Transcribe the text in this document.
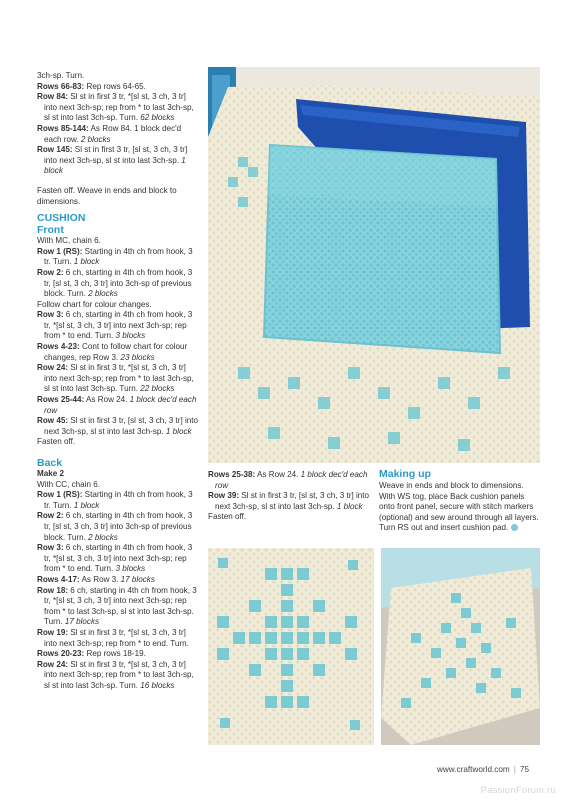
3ch-sp. Turn.
Rows 66-83: Rep rows 64-65.
Row 84: Sl st in first 3 tr, *[sl st, 3 ch, 3 tr] into next 3ch-sp; rep from * to last 3ch-sp, sl st into last 3ch-sp. Turn. 62 blocks
Rows 85-144: As Row 84. 1 block dec'd each row. 2 blocks
Row 145: Sl st in first 3 tr, [sl st, 3 ch, 3 tr] into next 3ch-sp, sl st into last 3ch-sp. 1 block
Fasten off. Weave in ends and block to dimensions.
CUSHION
Front
With MC, chain 6.
Row 1 (RS): Starting in 4th ch from hook, 3 tr. Turn. 1 block
Row 2: 6 ch, starting in 4th ch from hook, 3 tr, [sl st, 3 ch, 3 tr] into 3ch-sp of previous block. Turn. 2 blocks
Follow chart for colour changes.
Row 3: 6 ch, starting in 4th ch from hook, 3 tr, *[sl st, 3 ch, 3 tr] into next 3ch-sp; rep from * to end. Turn. 3 blocks
Rows 4-23: Cont to follow chart for colour changes, rep Row 3. 23 blocks
Row 24: Sl st in first 3 tr, *[sl st, 3 ch, 3 tr] into next 3ch-sp; rep from * to last 3ch-sp, sl st into last 3ch-sp. Turn. 22 blocks
Rows 25-44: As Row 24. 1 block dec'd each row
Row 45: Sl st in first 3 tr, [sl st, 3 ch, 3 tr] into next 3ch-sp, sl st into last 3ch-sp. 1 block
Fasten off.
Back
Make 2
With CC, chain 6.
Row 1 (RS): Starting in 4th ch from hook, 3 tr. Turn. 1 block
Row 2: 6 ch, starting in 4th ch from hook, 3 tr, [sl st, 3 ch, 3 tr] into 3ch-sp of previous block. Turn. 2 blocks
Row 3: 6 ch, starting in 4th ch from hook, 3 tr, *[sl st, 3 ch, 3 tr] into next 3ch-sp; rep from * to end. Turn. 3 blocks
Rows 4-17: As Row 3. 17 blocks
Row 18: 6 ch, starting in 4th ch from hook, 3 tr, *[sl st, 3 ch, 3 tr] into next 3ch-sp; rep from * to last 3ch-sp, sl st into last 3ch-sp. Turn. 17 blocks
Row 19: Sl st in first 3 tr, *[sl st, 3 ch, 3 tr] into next 3ch-sp; rep from * to end. Turn.
Rows 20-23: Rep rows 18-19.
Row 24: Sl st in first 3 tr, *[sl st, 3 ch, 3 tr] into next 3ch-sp; rep from * to last 3ch-sp, sl st into last 3ch-sp. Turn. 16 blocks
Rows 25-38: As Row 24. 1 block dec'd each row
Row 39: Sl st in first 3 tr, [sl st, 3 ch, 3 tr] into next 3ch-sp, sl st into last 3ch-sp. 1 block
Fasten off.
Making up
Weave in ends and block to dimensions. With WS tog, place Back cushion panels onto front panel, secure with stitch markers (optional) and sew around through all layers. Turn RS out and insert cushion pad.
www.craftworld.com | 75
PassionForum.ru
